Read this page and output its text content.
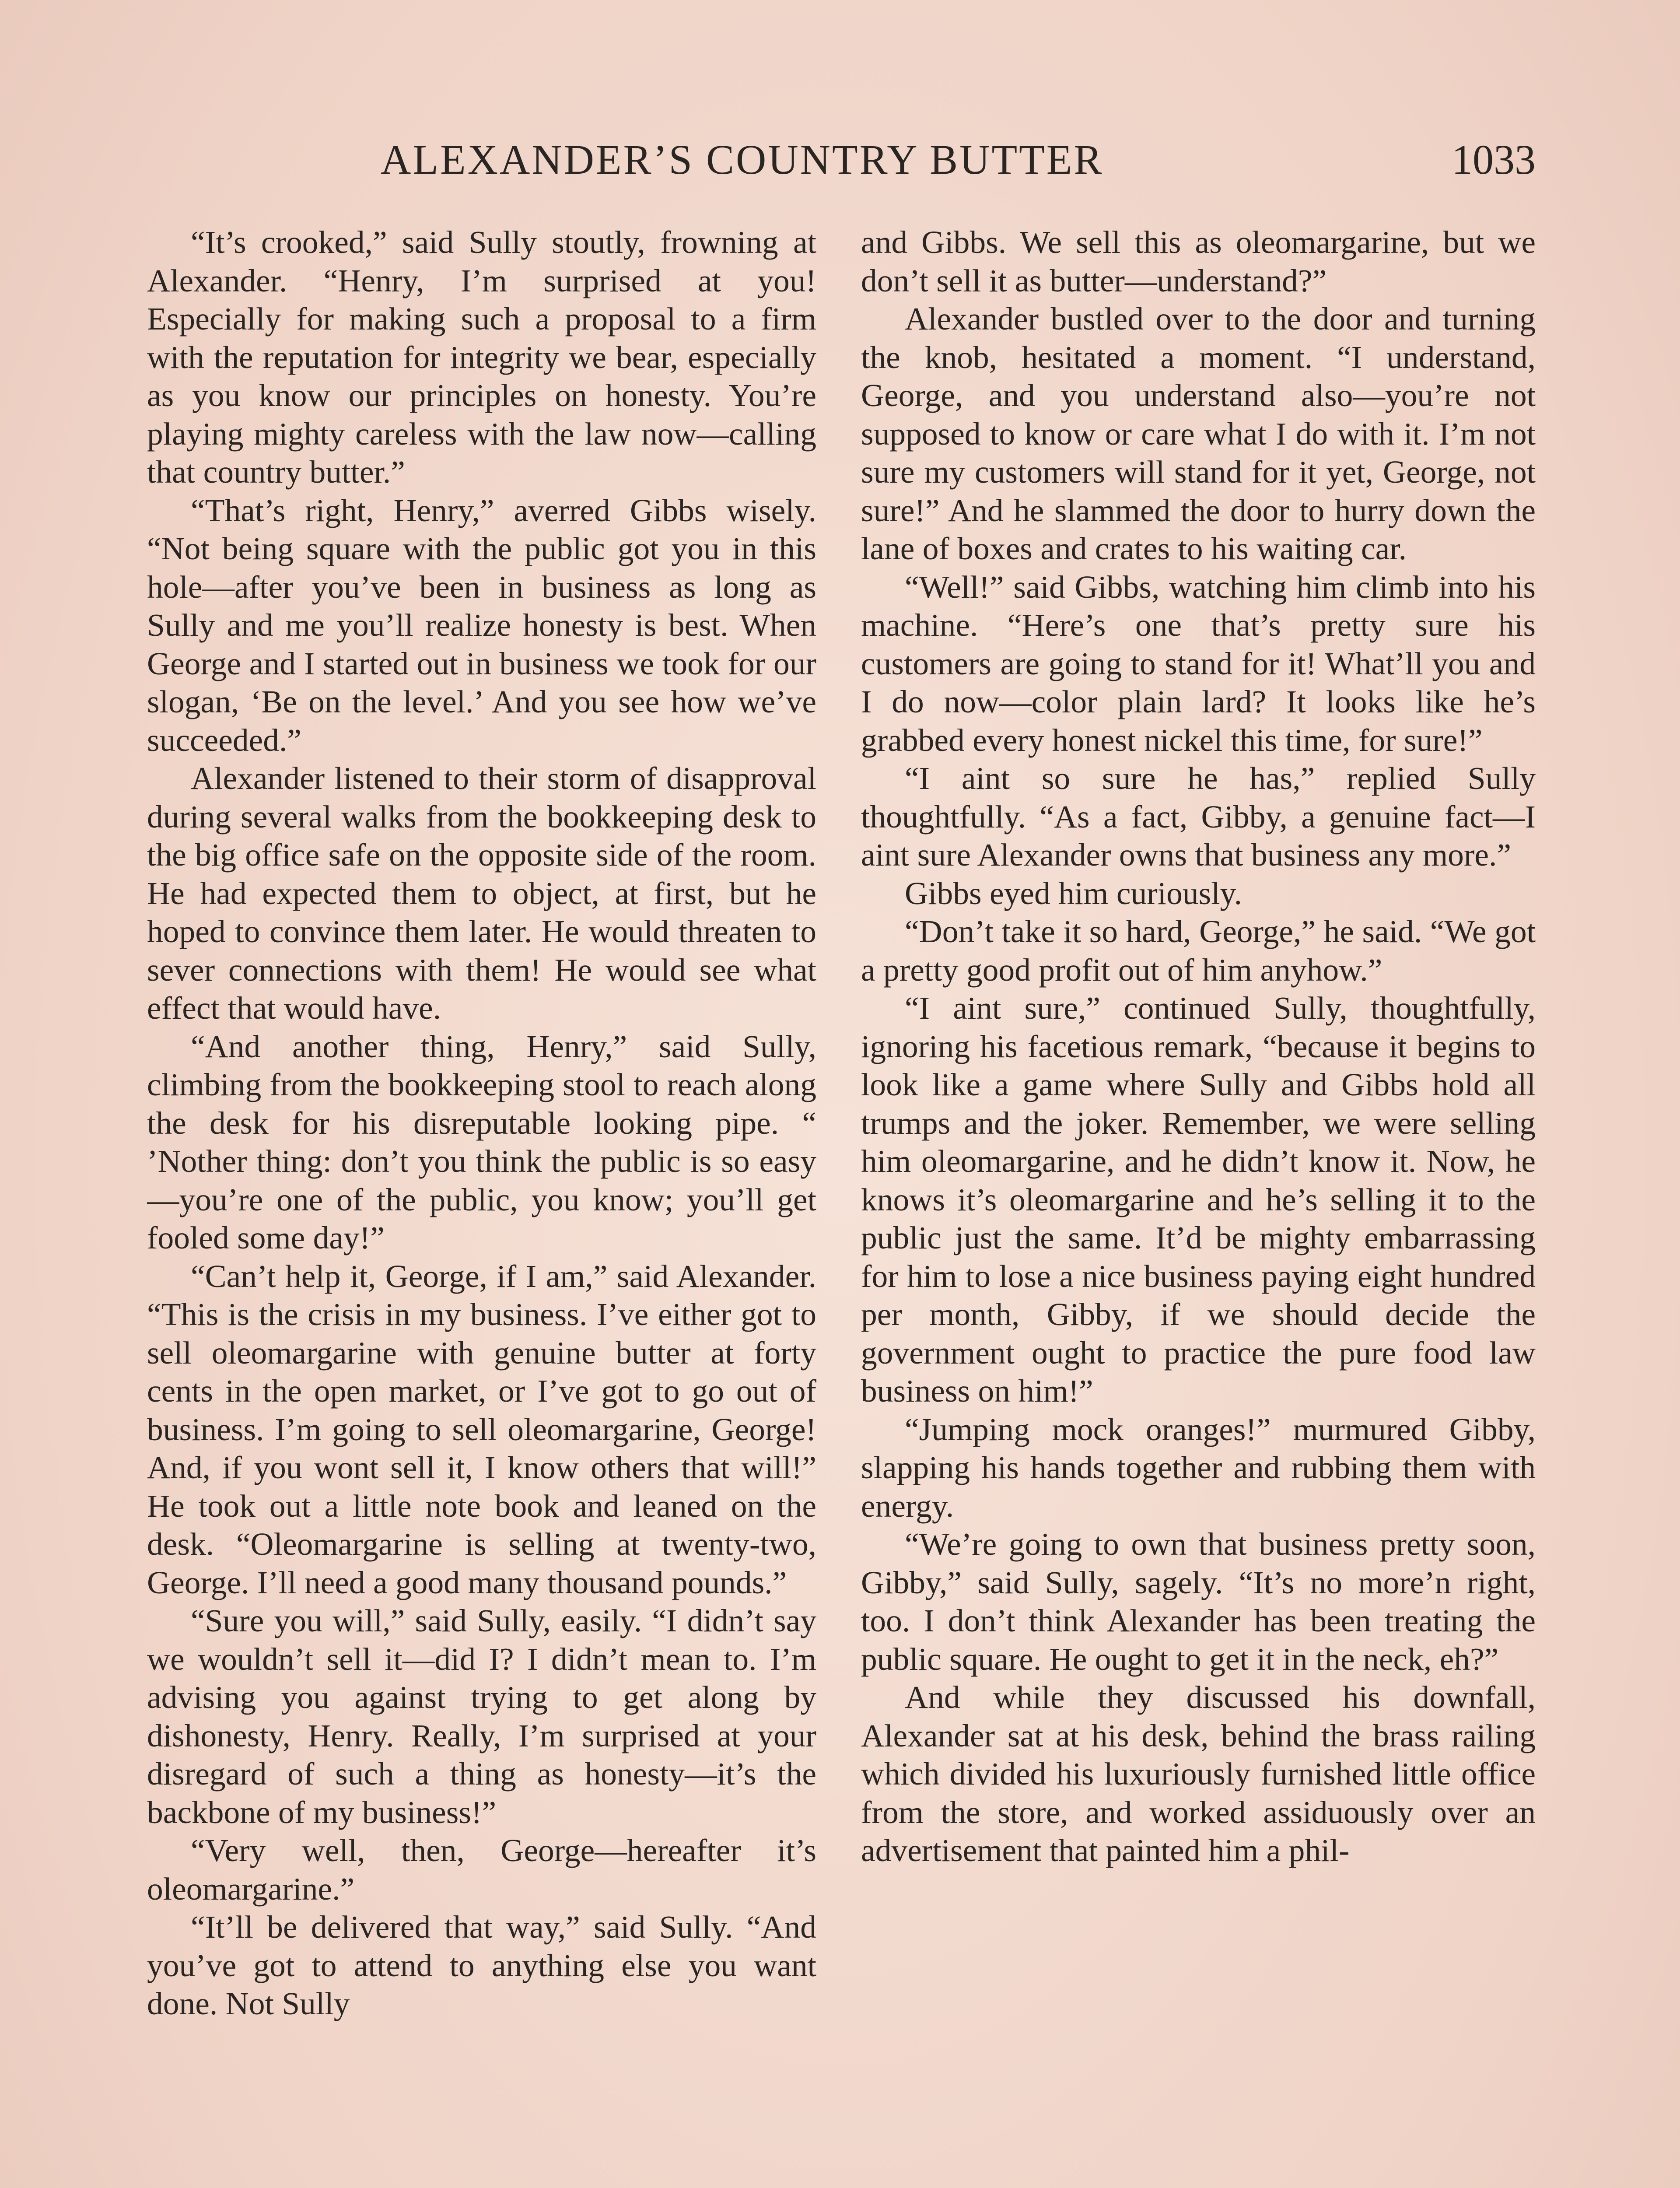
ALEXANDER’S COUNTRY BUTTER	1033

“It’s crooked,” said Sully stoutly, frowning at Alexander. “Henry, I’m surprised at you! Especially for making such a proposal to a firm with the reputation for integrity we bear, especially as you know our principles on honesty. You’re playing mighty careless with the law now—calling that country butter.”

“That’s right, Henry,” averred Gibbs wisely. “Not being square with the public got you in this hole—after you’ve been in business as long as Sully and me you’ll realize honesty is best. When George and I started out in business we took for our slogan, ‘Be on the level.’ And you see how we’ve succeeded.”

Alexander listened to their storm of disapproval during several walks from the bookkeeping desk to the big office safe on the opposite side of the room. He had expected them to object, at first, but he hoped to convince them later. He would threaten to sever connections with them! He would see what effect that would have.

“And another thing, Henry,” said Sully, climbing from the bookkeeping stool to reach along the desk for his disreputable looking pipe. “ ’Nother thing: don’t you think the public is so easy—you’re one of the public, you know; you’ll get fooled some day!”

“Can’t help it, George, if I am,” said Alexander. “This is the crisis in my business. I’ve either got to sell oleomargarine with genuine butter at forty cents in the open market, or I’ve got to go out of business. I’m going to sell oleomargarine, George! And, if you wont sell it, I know others that will!” He took out a little note book and leaned on the desk. “Oleomargarine is selling at twenty-two, George. I’ll need a good many thousand pounds.”

“Sure you will,” said Sully, easily. “I didn’t say we wouldn’t sell it—did I? I didn’t mean to. I’m advising you against trying to get along by dishonesty, Henry. Really, I’m surprised at your disregard of such a thing as honesty—it’s the backbone of my business!”

“Very well, then, George—hereafter it’s oleomargarine.”

“It’ll be delivered that way,” said Sully. “And you’ve got to attend to anything else you want done. Not Sully

and Gibbs. We sell this as oleomargarine, but we don’t sell it as butter—understand?”

Alexander bustled over to the door and turning the knob, hesitated a moment. “I understand, George, and you understand also—you’re not supposed to know or care what I do with it. I’m not sure my customers will stand for it yet, George, not sure!” And he slammed the door to hurry down the lane of boxes and crates to his waiting car.

“Well!” said Gibbs, watching him climb into his machine. “Here’s one that’s pretty sure his customers are going to stand for it! What’ll you and I do now—color plain lard? It looks like he’s grabbed every honest nickel this time, for sure!”

“I aint so sure he has,” replied Sully thoughtfully. “As a fact, Gibby, a genuine fact—I aint sure Alexander owns that business any more.”

Gibbs eyed him curiously.

“Don’t take it so hard, George,” he said. “We got a pretty good profit out of him anyhow.”

“I aint sure,” continued Sully, thoughtfully, ignoring his facetious remark, “because it begins to look like a game where Sully and Gibbs hold all trumps and the joker. Remember, we were selling him oleomargarine, and he didn’t know it. Now, he knows it’s oleomargarine and he’s selling it to the public just the same. It’d be mighty embarrassing for him to lose a nice business paying eight hundred per month, Gibby, if we should decide the government ought to practice the pure food law business on him!”

“Jumping mock oranges!” murmured Gibby, slapping his hands together and rubbing them with energy.

“We’re going to own that business pretty soon, Gibby,” said Sully, sagely. “It’s no more’n right, too. I don’t think Alexander has been treating the public square. He ought to get it in the neck, eh?”

And while they discussed his downfall, Alexander sat at his desk, behind the brass railing which divided his luxuriously furnished little office from the store, and worked assiduously over an advertisement that painted him a phil-
